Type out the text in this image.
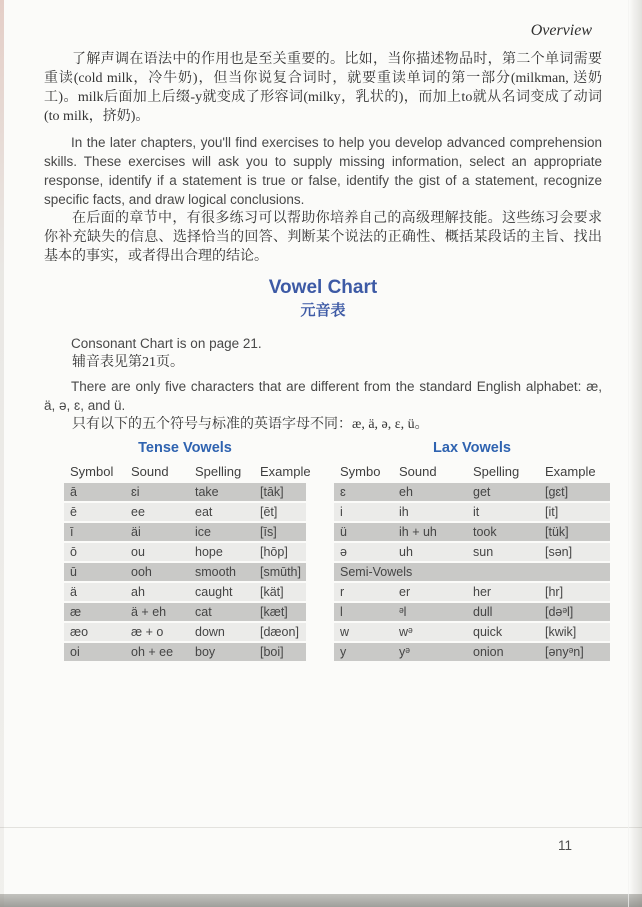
Overview

了解声调在语法中的作用也是至关重要的。比如，当你描述物品时，第二个单词需要重读(cold milk，冷牛奶)，但当你说复合词时，就要重读单词的第一部分(milkman, 送奶工)。milk后面加上后缀-y就变成了形容词(milky，乳状的)，而加上to就从名词变成了动词(to milk，挤奶)。

In the later chapters, you'll find exercises to help you develop advanced comprehension skills. These exercises will ask you to supply missing information, select an appropriate response, identify if a statement is true or false, identify the gist of a statement, recognize specific facts, and draw logical conclusions.

在后面的章节中，有很多练习可以帮助你培养自己的高级理解技能。这些练习会要求你补充缺失的信息、选择恰当的回答、判断某个说法的正确性、概括某段话的主旨、找出基本的事实，或者得出合理的结论。

Vowel Chart
元音表

Consonant Chart is on page 21.

辅音表见第21页。

There are only five characters that are different from the standard English alphabet: æ, ä, ə, ɛ, and ü.

只有以下的五个符号与标准的英语字母不同：æ, ä, ə, ɛ, ü。

Tense Vowels
Symbol	Sound	Spelling	Example
ā	ɛi	take	[tāk]
ē	ee	eat	[ēt]
ī	äi	ice	[īs]
ō	ou	hope	[hōp]
ū	ooh	smooth	[smūth]
ä	ah	caught	[kät]
æ	ä + eh	cat	[kæt]
æo	æ + o	down	[dæon]
oi	oh + ee	boy	[boi]
Lax Vowels
Symbo	Sound	Spelling	Example
ɛ	eh	get	[gɛt]
i	ih	it	[it]
ü	ih + uh	took	[tük]
ə	uh	sun	[sən]
Semi-Vowels			
r	er	her	[hr]
l	ᵊl	dull	[dəᵊl]
w	wᵊ	quick	[kwik]
y	yᵊ	onion	[ənyᵊn]
11
